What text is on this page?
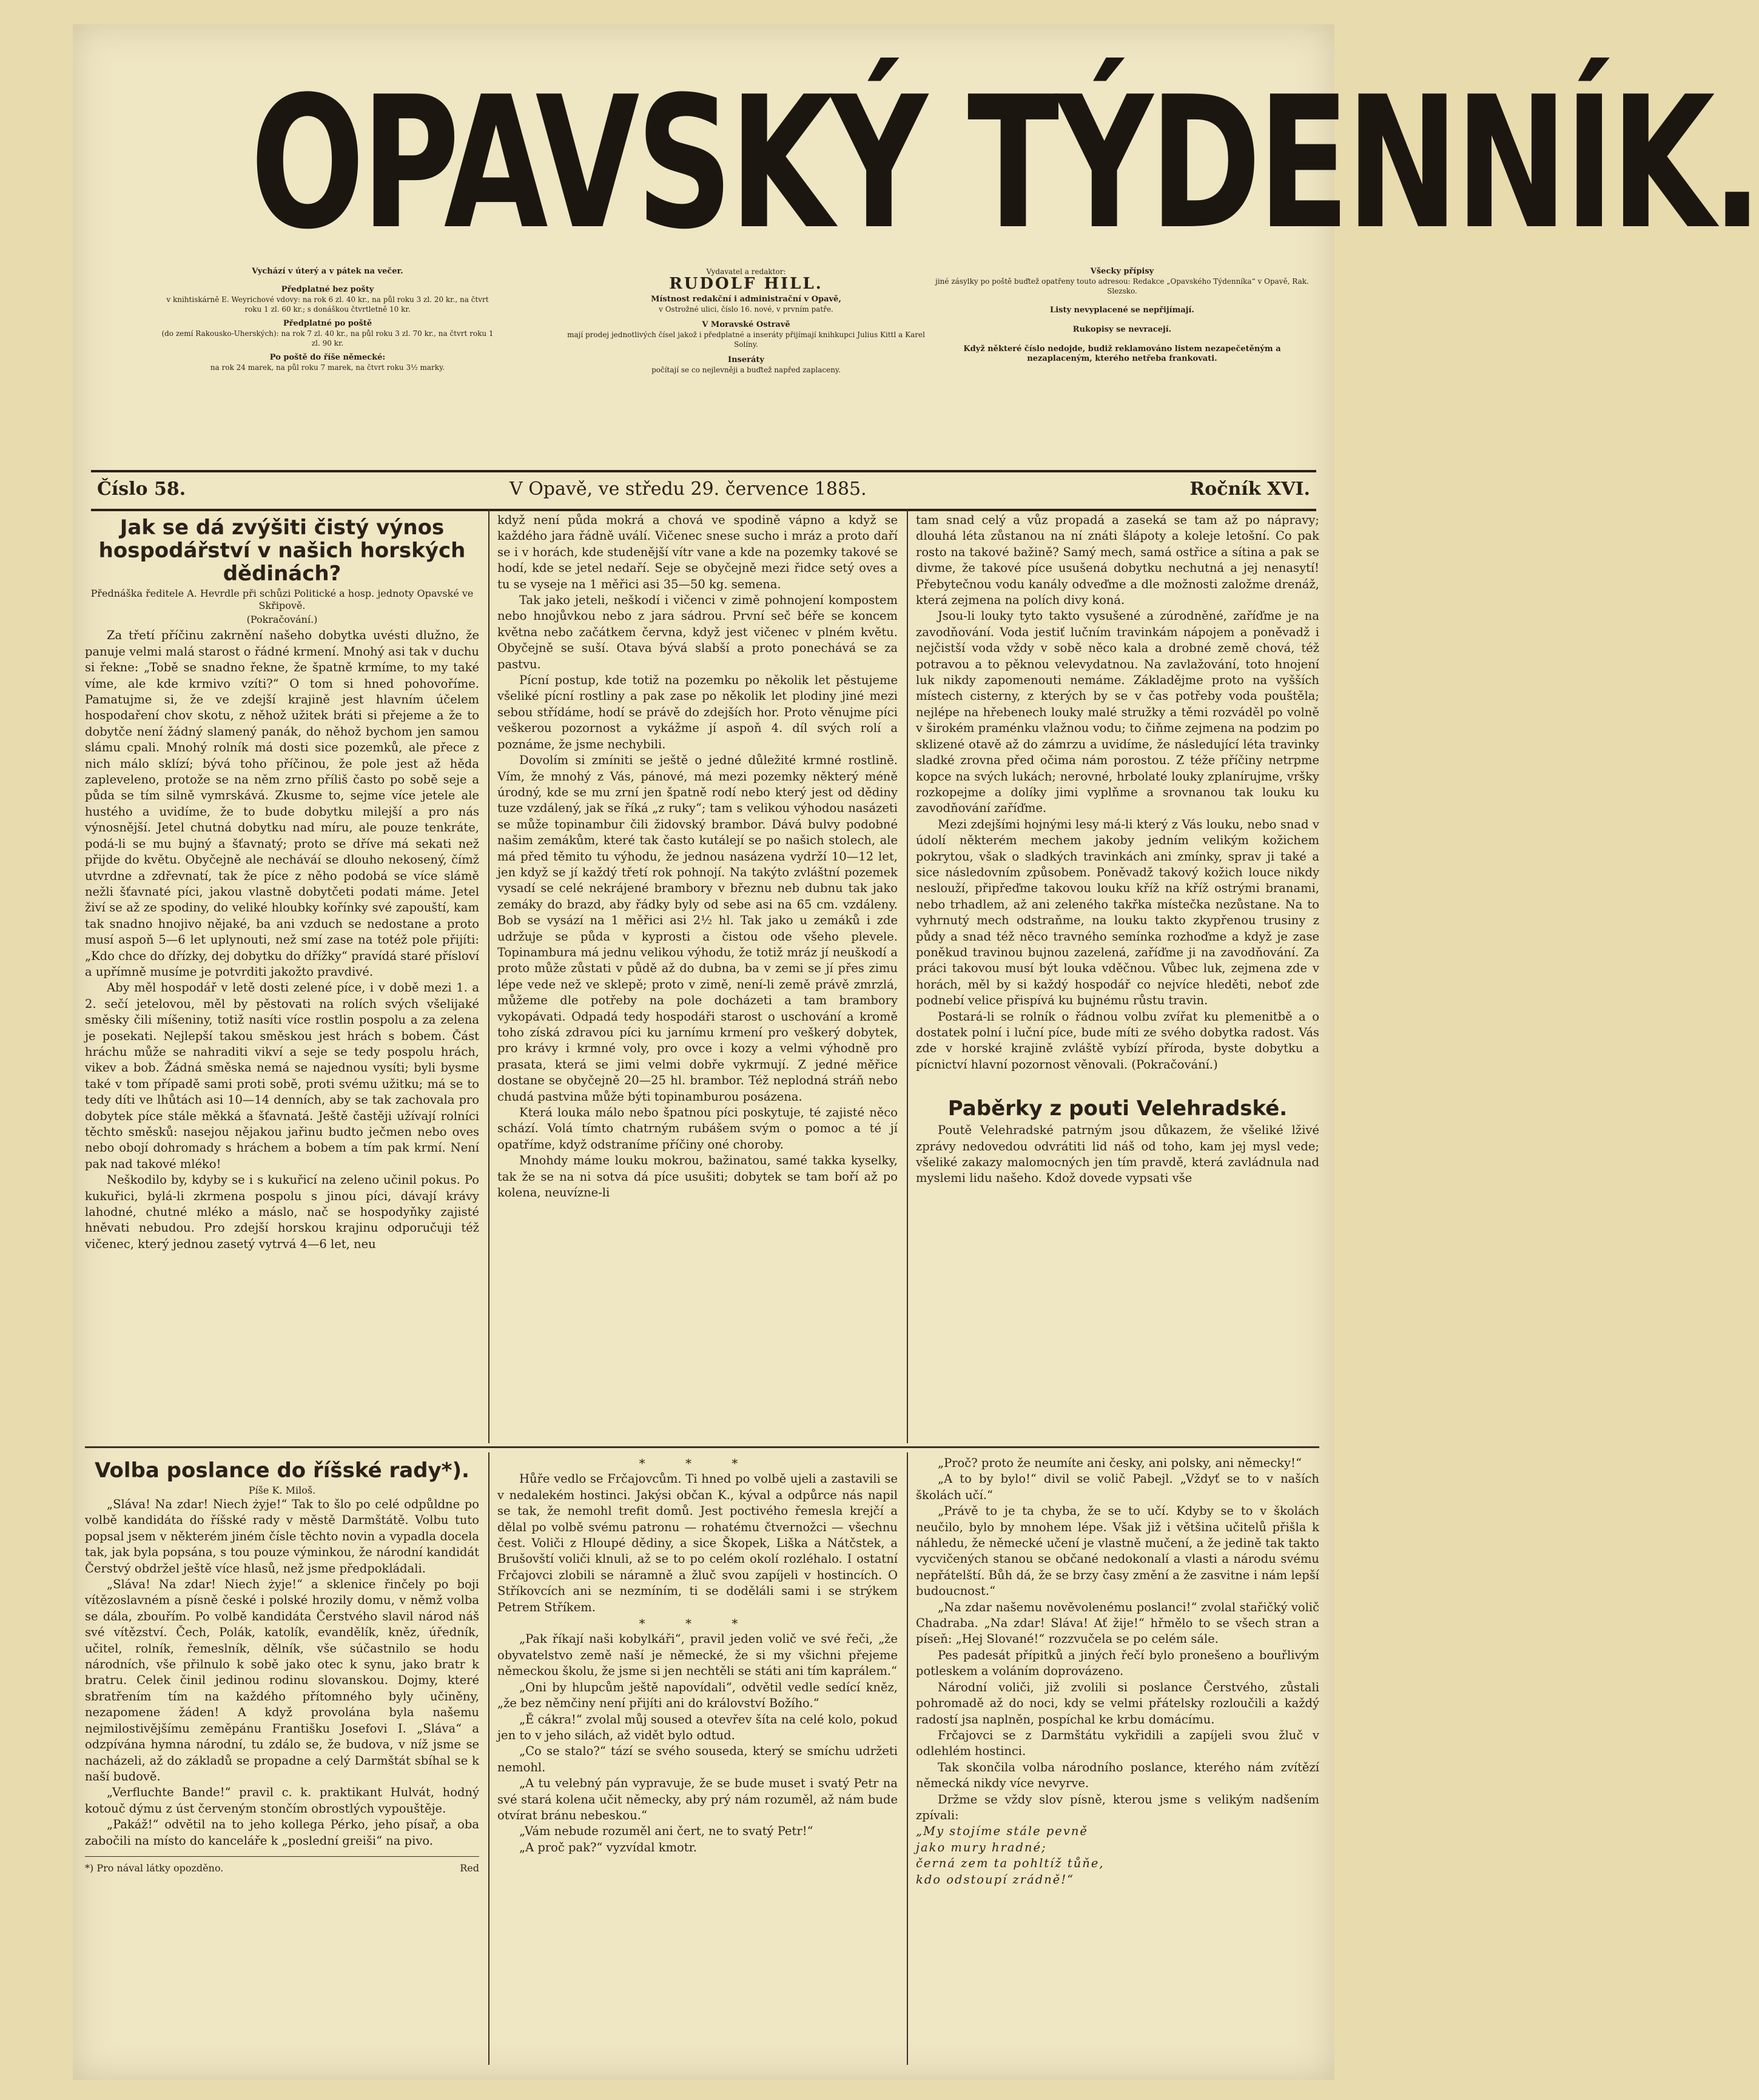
OPAVSKÝ TÝDENNÍK.
Vychází v úterý a v pátek na večer.
Předplatné bez pošty
v knihtiskárně E. Weyrichové vdovy: na rok 6 zl. 40 kr., na půl roku 3 zl. 20 kr., na čtvrt roku 1 zl. 60 kr.; s donáškou čtvrtletně 10 kr.
Předplatné po poště
(do zemí Rakousko-Uherských): na rok 7 zl. 40 kr., na půl roku 3 zl. 70 kr., na čtvrt roku 1 zl. 90 kr.
Po poště do říše německé:
na rok 24 marek, na půl roku 7 marek, na čtvrt roku 3½ marky.
Vydavatel a redaktor:
RUDOLF HILL.
Místnost redakční i administrační v Opavě,
v Ostrožné ulici, číslo 16. nové, v prvním patře.
V Moravské Ostravě
mají prodej jednotlivých čísel jakož i předplatné a inseráty přijímají knihkupci Julius Kittl a Karel Solíny.
Inseráty
počítají se co nejlevněji a buďtež napřed zaplaceny.
Všecky přípisy
jiné zásylky po poště buďtež opatřeny touto adresou: Redakce „Opavského Týdenníka“ v Opavě, Rak. Slezsko.
Listy nevyplacené se nepřijímají.
Rukopisy se nevracejí.
Když některé číslo nedojde, budiž reklamováno listem nezapečetěným a nezaplaceným, kterého netřeba frankovati.
Číslo 58.	V Opavě, ve středu 29. července 1885.	Ročník XVI.
Jak se dá zvýšiti čistý výnos hospodářství v našich horských dědinách?
Přednáška ředitele A. Hevrdle při schůzi Politické a hosp. jednoty Opavské ve Skřipově.
(Pokračování.)

Za třetí příčinu zakrnění našeho dobytka uvésti dlužno, že panuje velmi malá starost o řádné krmení. Mnohý asi tak v duchu si řekne: „Tobě se snadno řekne, že špatně krmíme, to my také víme, ale kde krmivo vzíti?“ O tom si hned pohovoříme. Pamatujme si, že ve zdejší krajině jest hlavním účelem hospodaření chov skotu, z něhož užitek bráti si přejeme a že to dobytče není žádný slamený panák, do něhož bychom jen samou slámu cpali. Mnohý rolník má dosti sice pozemků, ale přece z nich málo sklízí; bývá toho příčinou, že pole jest až hěda zapleveleno, protože se na něm zrno příliš často po sobě seje a půda se tím silně vymrskává. Zkusme to, sejme více jetele ale hustého a uvidíme, že to bude dobytku milejší a pro nás výnosnější. Jetel chutná dobytku nad míru, ale pouze tenkráte, podá-li se mu bujný a šťavnatý; proto se dříve má sekati než přijde do květu. Obyčejně ale necháváí se dlouho nekosený, čímž utvrdne a zdřevnatí, tak že píce z něho podobá se více slámě nežli šťavnaté píci, jakou vlastně dobytčeti podati máme. Jetel živí se až ze spodiny, do veliké hloubky kořínky své zapouští, kam tak snadno hnojivo nějaké, ba ani vzduch se nedostane a proto musí aspoň 5—6 let uplynouti, než smí zase na totéž pole přijíti: „Kdo chce do dřízky, dej dobytku do dřížky“ pravídá staré přísloví a upřímně musíme je potvrditi jakožto pravdivé.

Aby měl hospodář v letě dosti zelené píce, i v době mezi 1. a 2. sečí jetelovou, měl by pěstovati na rolích svých všelijaké směsky čili míšeniny, totiž nasíti více rostlin pospolu a za zelena je posekati. Nejlepší takou směskou jest hrách s bobem. Část hráchu může se nahraditi vikví a seje se tedy pospolu hrách, vikev a bob. Žádná směska nemá se najednou vysíti; byli bysme také v tom případě sami proti sobě, proti svému užitku; má se to tedy díti ve lhůtách asi 10—14 denních, aby se tak zachovala pro dobytek píce stále měkká a šťavnatá. Ještě častěji užívají rolníci těchto směsků: nasejou nějakou jařinu budto ječmen nebo oves nebo obojí dohromady s hráchem a bobem a tím pak krmí. Není pak nad takové mléko!

Neškodilo by, kdyby se i s kukuřicí na zeleno učinil pokus. Po kukuřici, bylá-li zkrmena pospolu s jinou píci, dávají krávy lahodné, chutné mléko a máslo, nač se hospodyňky zajisté hněvati nebudou. Pro zdejší horskou krajinu odporučuji též vičenec, který jednou zasetý vytrvá 4—6 let, neu

když není půda mokrá a chová ve spodině vápno a když se každého jara řádně uválí. Vičenec snese sucho i mráz a proto daří se i v horách, kde studenější vítr vane a kde na pozemky takové se hodí, kde se jetel nedaří. Seje se obyčejně mezi řidce setý oves a tu se vyseje na 1 měřici asi 35—50 kg. semena.

Tak jako jeteli, neškodí i vičenci v zimě pohnojení kompostem nebo hnojůvkou nebo z jara sádrou. První seč béře se koncem května nebo začátkem června, když jest vičenec v plném květu. Obyčejně se suší. Otava bývá slabší a proto ponechává se za pastvu.

Pícní postup, kde totiž na pozemku po několik let pěstujeme všeliké pícní rostliny a pak zase po několik let plodiny jiné mezi sebou střídáme, hodí se právě do zdejších hor. Proto věnujme píci veškerou pozornost a vykážme jí aspoň 4. díl svých rolí a poznáme, že jsme nechybili.

Dovolím si zmíniti se ještě o jedné důležité krmné rostlině. Vím, že mnohý z Vás, pánové, má mezi pozemky některý méně úrodný, kde se mu zrní jen špatně rodí nebo který jest od dědiny tuze vzdálený, jak se říká „z ruky“; tam s velikou výhodou nasázeti se může topinambur čili židovský brambor. Dává bulvy podobné našim zemákům, které tak často kutálejí se po našich stolech, ale má před těmito tu výhodu, že jednou nasázena vydrží 10—12 let, jen když se jí každý třetí rok pohnojí. Na takýto zvláštní pozemek vysadí se celé nekrájené brambory v březnu neb dubnu tak jako zemáky do brazd, aby řádky byly od sebe asi na 65 cm. vzdáleny. Bob se vysází na 1 měřici asi 2½ hl. Tak jako u zemáků i zde udržuje se půda v kyprosti a čistou ode všeho plevele. Topinambura má jednu velikou výhodu, že totiž mráz jí neuškodí a proto může zůstati v půdě až do dubna, ba v zemi se jí přes zimu lépe vede než ve sklepě; proto v zimě, není-li země právě zmrzlá, můžeme dle potřeby na pole docházeti a tam brambory vykopávati. Odpadá tedy hospodáři starost o uschování a kromě toho získá zdravou píci ku jarnímu krmení pro veškerý dobytek, pro krávy i krmné voly, pro ovce i kozy a velmi výhodně pro prasata, která se jimi velmi dobře vykrmují. Z jedné měřice dostane se obyčejně 20—25 hl. brambor. Též neplodná stráň nebo chudá pastvina může býti topinamburou posázena.

Která louka málo nebo špatnou píci poskytuje, té zajisté něco schází. Volá tímto chatrným rubášem svým o pomoc a té jí opatříme, když odstraníme příčiny oné choroby.

Mnohdy máme louku mokrou, bažinatou, samé takka kyselky, tak že se na ni sotva dá píce usušiti; dobytek se tam boří až po kolena, neuvízne-li

tam snad celý a vůz propadá a zaseká se tam až po nápravy; dlouhá léta zůstanou na ní znáti šlápoty a koleje letošní. Co pak rosto na takové bažině? Samý mech, samá ostřice a sítina a pak se divme, že takové píce usušená dobytku nechutná a jej nenasytí! Přebytečnou vodu kanály odveďme a dle možnosti založme drenáž, která zejmena na polích divy koná.

Jsou-li louky tyto takto vysušené a zúrodněné, zaříďme je na zavodňování. Voda jestiť lučním travinkám nápojem a poněvadž i nejčistší voda vždy v sobě něco kala a drobné země chová, též potravou a to pěknou velevydatnou. Na zavlažování, toto hnojení luk nikdy zapomenouti nemáme. Základějme proto na vyšších místech cisterny, z kterých by se v čas potřeby voda pouštěla; nejlépe na hřebenech louky malé stružky a těmi rozváděl po volně v širokém praménku vlažnou vodu; to čiňme zejmena na podzim po sklizené otavě až do zámrzu a uvidíme, že následující léta travinky sladké zrovna před očima nám porostou. Z téže příčiny netrpme kopce na svých lukách; nerovné, hrbolaté louky zplanírujme, vršky rozkopejme a dolíky jimi vyplňme a srovnanou tak louku ku zavodňování zaříďme.

Mezi zdejšími hojnými lesy má-li který z Vás louku, nebo snad v údolí některém mechem jakoby jedním velikým kožichem pokrytou, však o sladkých travinkách ani zmínky, sprav ji také a sice následovním způsobem. Poněvadž takový kožich louce nikdy neslouží, připřeďme takovou louku kříž na kříž ostrými branami, nebo trhadlem, až ani zeleného takřka místečka nezůstane. Na to vyhrnutý mech odstraňme, na louku takto zkypřenou trusiny z půdy a snad též něco travného semínka rozhoďme a když je zase poněkud travinou bujnou zazelená, zaříďme ji na zavodňování. Za práci takovou musí být louka vděčnou. Vůbec luk, zejmena zde v horách, měl by si každý hospodář co nejvíce hleděti, neboť zde podnebí velice přispívá ku bujnému růstu travin.

Postará-li se rolník o řádnou volbu zvířat ku plemenitbě a o dostatek polní i luční píce, bude míti ze svého dobytka radost. Vás zde v horské krajině zvláště vybízí příroda, byste dobytku a pícnictví hlavní pozornost věnovali. (Pokračování.)

Paběrky z pouti Velehradské.

Poutě Velehradské patrným jsou důkazem, že všeliké lživé zprávy nedovedou odvrátiti lid náš od toho, kam jej mysl vede; všeliké zakazy malomocných jen tím pravdě, která zavládnula nad myslemi lidu našeho. Kdož dovede vypsati vše

Volba poslance do říšské rady*).
Píše K. Miloš.

„Sláva! Na zdar! Niech żyje!“ Tak to šlo po celé odpůldne po volbě kandidáta do říšské rady v městě Darmštátě. Volbu tuto popsal jsem v některém jiném čísle těchto novin a vypadla docela tak, jak byla popsána, s tou pouze výminkou, že národní kandidát Čerstvý obdržel ještě více hlasů, než jsme předpokládali.

„Sláva! Na zdar! Niech żyje!“ a sklenice řinčely po boji vítězoslavném a písně české i polské hrozily domu, v němž volba se dála, zbouřím. Po volbě kandidáta Čerstvého slavil národ náš své vítězství. Čech, Polák, katolík, evandělík, kněz, úředník, učitel, rolník, řemeslník, dělník, vše súčastnilo se hodu národních, vše přilnulo k sobě jako otec k synu, jako bratr k bratru. Celek činil jedinou rodinu slovanskou. Dojmy, které sbratřením tím na každého přítomného byly učiněny, nezapomene žáden! A když provolána byla našemu nejmilostivějšímu zeměpánu Františku Josefovi I. „Sláva“ a odzpívána hymna národní, tu zdálo se, že budova, v níž jsme se nacházeli, až do základů se propadne a celý Darmštát sbíhal se k naší budově.

„Verfluchte Bande!“ pravil c. k. praktikant Hulvát, hodný kotouč dýmu z úst červeným stončím obrostlých vypouštěje.

„Pakáž!“ odvětil na to jeho kollega Pérko, jeho písař, a oba zabočili na místo do kanceláře k „poslední greiši“ na pivo.

*) Pro nával látky opozděno.	Red

* * *

Hůře vedlo se Frčajovcům. Ti hned po volbě ujeli a zastavili se v nedalekém hostinci. Jakýsi občan K., kýval a odpůrce nás napil se tak, že nemohl trefit domů. Jest poctivého řemesla krejčí a dělal po volbě svému patronu — rohatému čtvernožci — všechnu čest. Voliči z Hloupé dědiny, a sice Škopek, Liška a Nátčstek, a Brušovští voliči klnuli, až se to po celém okolí rozléhalo. I ostatní Frčajovci zlobili se náramně a žluč svou zapíjeli v hostincích. O Stříkovcích ani se nezmíním, ti se doděláli sami i se strýkem Petrem Stříkem.

* * *

„Pak říkají naši kobylkáři“, pravil jeden volič ve své řeči, „že obyvatelstvo země naší je německé, že si my všichni přejeme německou školu, že jsme si jen nechtěli se státi ani tím kaprálem.“

„Oni by hlupcům ještě napovídali“, odvětil vedle sedící kněz, „že bez němčiny není přijíti ani do království Božího.“

„Ě cákra!“ zvolal můj soused a otevřev šíta na celé kolo, pokud jen to v jeho silách, až vidět bylo odtud.

„Co se stalo?“ tází se svého souseda, který se smíchu udržeti nemohl.

„A tu velebný pán vypravuje, že se bude muset i svatý Petr na své stará kolena učit německy, aby prý nám rozuměl, až nám bude otvírat bránu nebeskou.“

„Vám nebude rozuměl ani čert, ne to svatý Petr!“

„A proč pak?“ vyzvídal kmotr.

„Proč? proto že neumíte ani česky, ani polsky, ani německy!“

„A to by bylo!“ divil se volič Pabejl. „Vždyť se to v naších školách učí.“

„Právě to je ta chyba, že se to učí. Kdyby se to v školách neučilo, bylo by mnohem lépe. Však již i většina učitelů přišla k náhledu, že německé učení je vlastně mučení, a že jedině tak takto vycvičených stanou se občané nedokonalí a vlasti a národu svému nepřátelští. Bůh dá, že se brzy časy změní a že zasvitne i nám lepší budoucnost.“

„Na zdar našemu nověvolenému poslanci!“ zvolal stařičký volič Chadraba. „Na zdar! Sláva! Ať žije!“ hřmělo to se všech stran a píseň: „Hej Slované!“ rozzvučela se po celém sále.

Pes padesát přípitků a jiných řečí bylo pronešeno a bouřlivým potleskem a voláním doprovázeno.

Národní voliči, již zvolili si poslance Čerstvého, zůstali pohromadě až do noci, kdy se velmi přátelsky rozloučili a každý radostí jsa naplněn, pospíchal ke krbu domácímu.

Frčajovci se z Darmštátu vykřidili a zapíjeli svou žluč v odlehlém hostinci.

Tak skončila volba národního poslance, kterého nám zvítězí německá nikdy více nevyrve.

Držme se vždy slov písně, kterou jsme s velikým nadšením zpívali:

„My stojíme stále pevně

jako mury hradné;

černá zem ta pohltíž tůňe,

kdo odstoupí zrádně!“
